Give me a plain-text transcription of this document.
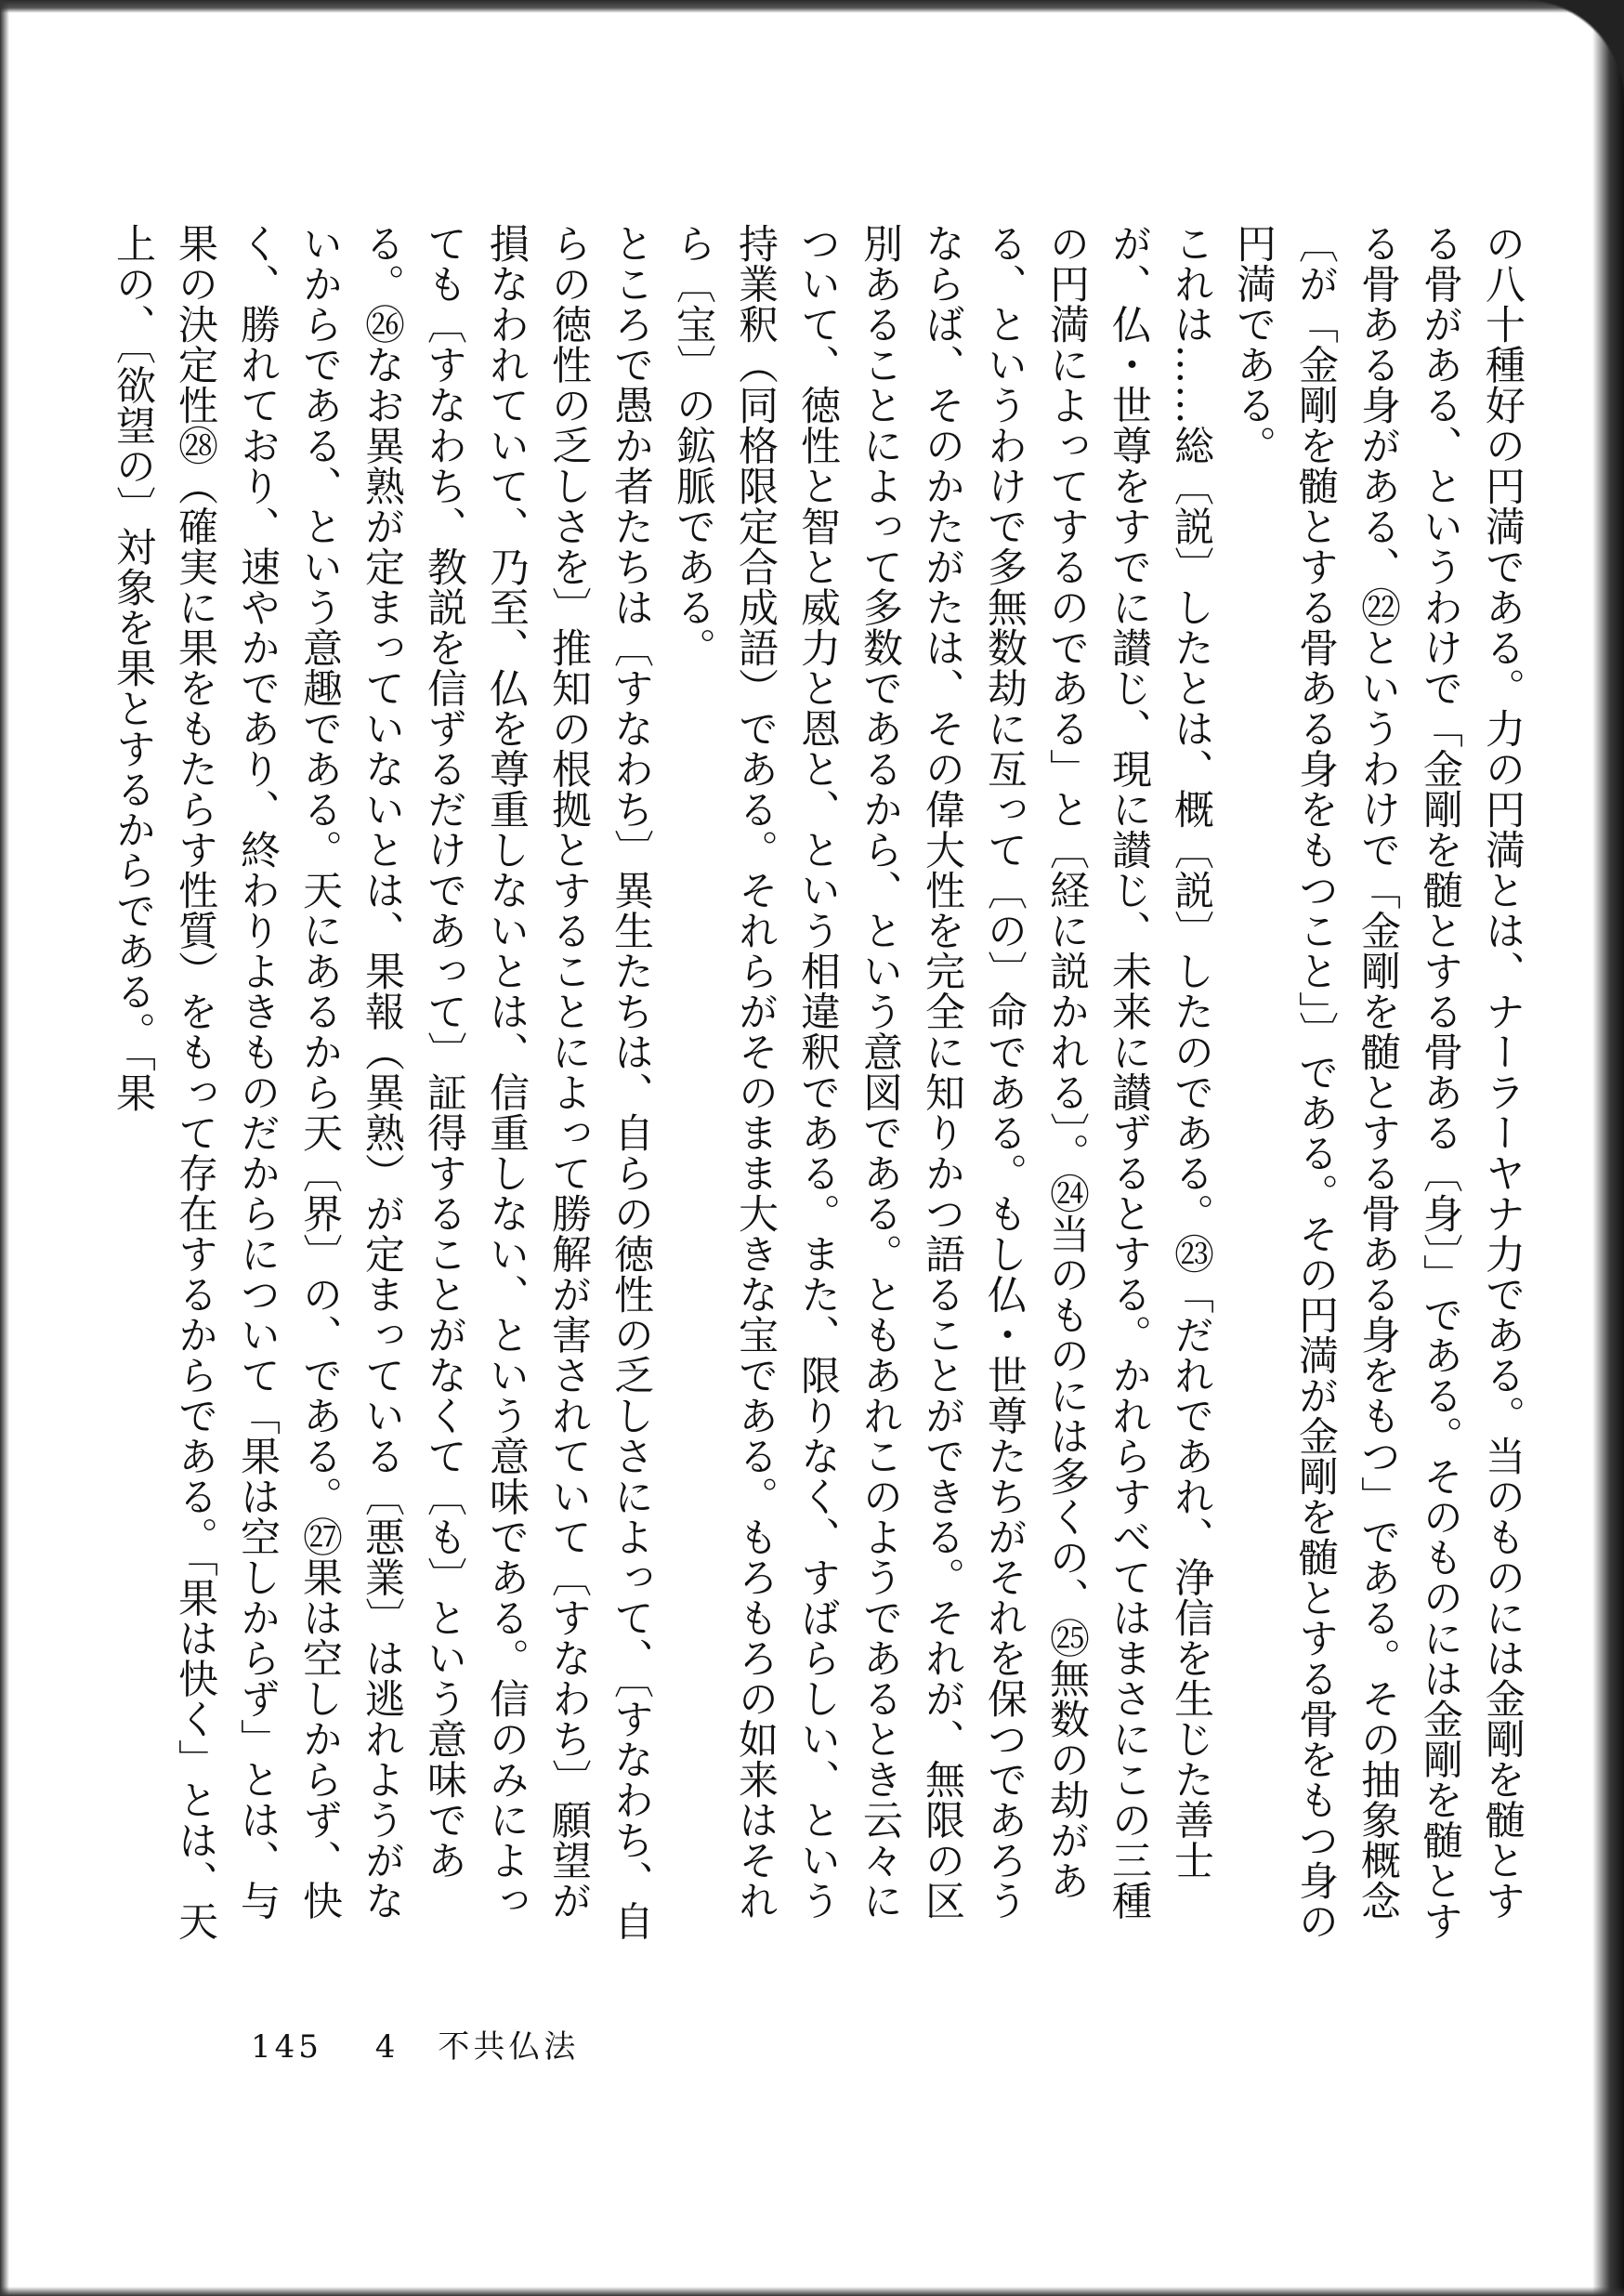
の八十種好の円満である。力の円満とは、ナーラーヤナ力である。当のものには金剛を髄とする骨がある、というわけで「金剛を髄とする骨ある〔身〕」である。そのものには金剛を髄とする骨ある身がある、㉒というわけで「金剛を髄とする骨ある身をもつ」である。その抽象概念〔が「金剛を髄とする骨ある身をもつこと」〕である。その円満が金剛を髄とする骨をもつ身の円満である。

これは……総〔説〕したとは、概〔説〕したのである。㉓「だれであれ、浄信を生じた善士が、仏・世尊をすでに讃じ、現に讃じ、未来に讃ずるとする。かれらすべてはまさにこの三種の円満によってするのである」と〔経に説かれる〕。㉔当のものには多くの、㉕無数の劫がある、というわけで多無数劫に亙って〔の〕命である。もし仏・世尊たちがそれを保つであろうならば、そのかたがたは、その偉大性を完全に知りかつ語ることができる。それが、無限の区別あることによって多数であるから、という意図である。ともあれこのようであるとき云々について、徳性と智と威力と恩と、という相違釈である。また、限りなく、すばらしい、という持業釈（同格限定合成語）である。それらがそのまま大きな宝である。もろもろの如来はそれら〔宝〕の鉱脈である。

ところで愚か者たちは〔すなわち〕異生たちは、自らの徳性の乏しさによって、〔すなわち、自らの徳性の乏しさを〕推知の根拠とすることによって勝解が害されていて〔すなわち〕願望が損なわれていて、乃至、仏を尊重しないとは、信重しない、という意味である。信のみによっても〔すなわち、教説を信ずるだけであって〕証得することがなくて〔も〕という意味である。㉖なお異熟が定まっていないとは、果報（異熟）が定まっている〔悪業〕は逃れようがないからである、という意趣である。天にあるから天〔界〕の、である。㉗果は空しからず、快く、勝れており、速やかであり、終わりよきものだからについて「果は空しからず」とは、与果の決定性㉘（確実に果をもたらす性質）をもって存在するからである。「果は快く」とは、天上の、〔欲望の〕対象を果とするからである。「果

145 4 不共仏法
